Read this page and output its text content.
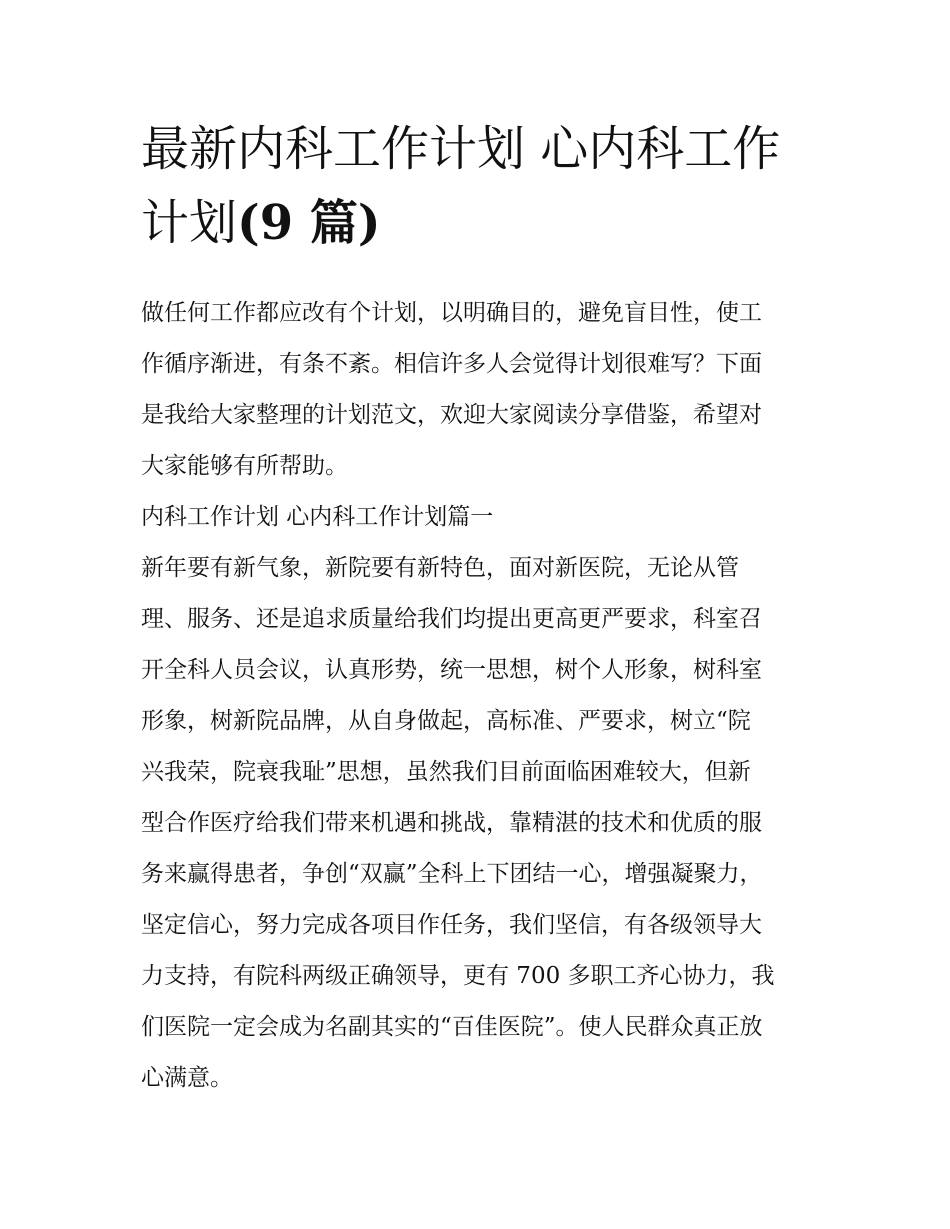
最新内科工作计划 心内科工作
计划(9 篇)
做任何工作都应改有个计划，以明确目的，避免盲目性，使工
作循序渐进，有条不紊。相信许多人会觉得计划很难写？下面
是我给大家整理的计划范文，欢迎大家阅读分享借鉴，希望对
大家能够有所帮助。
内科工作计划 心内科工作计划篇一
新年要有新气象，新院要有新特色，面对新医院，无论从管
理、服务、还是追求质量给我们均提出更高更严要求，科室召
开全科人员会议，认真形势，统一思想，树个人形象，树科室
形象，树新院品牌，从自身做起，高标准、严要求，树立“院
兴我荣，院衰我耻”思想，虽然我们目前面临困难较大，但新
型合作医疗给我们带来机遇和挑战，靠精湛的技术和优质的服
务来赢得患者，争创“双赢”全科上下团结一心，增强凝聚力，
坚定信心，努力完成各项目作任务，我们坚信，有各级领导大
力支持，有院科两级正确领导，更有 700 多职工齐心协力，我
们医院一定会成为名副其实的“百佳医院”。使人民群众真正放
心满意。
